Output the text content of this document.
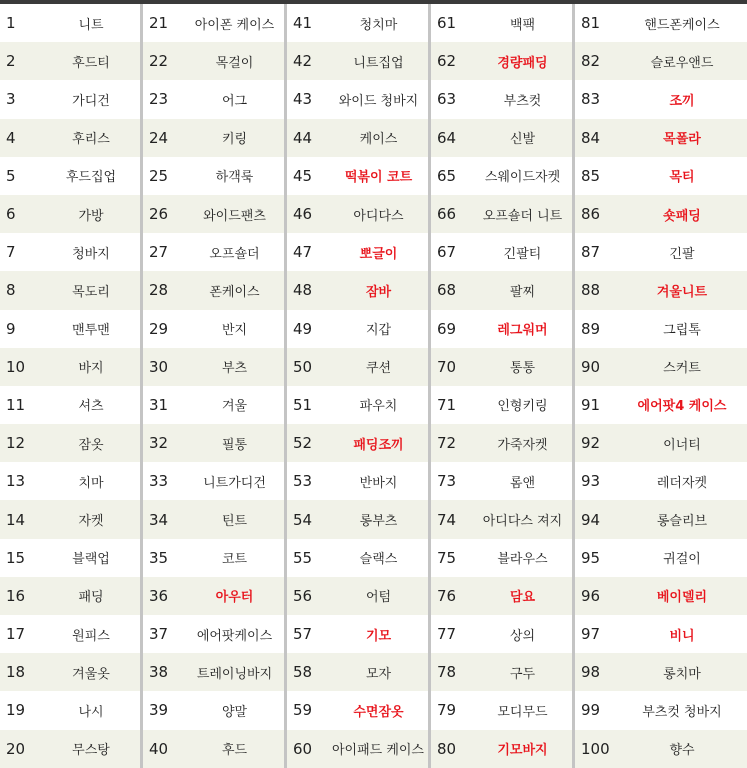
1	니트
2	후드티
3	가디건
4	후리스
5	후드집업
6	가방
7	청바지
8	목도리
9	맨투맨
10	바지
11	셔츠
12	잠옷
13	치마
14	자켓
15	블랙업
16	패딩
17	원피스
18	겨울옷
19	나시
20	무스탕
21	아이폰 케이스
22	목걸이
23	어그
24	키링
25	하객룩
26	와이드팬츠
27	오프숄더
28	폰케이스
29	반지
30	부츠
31	겨울
32	필통
33	니트가디건
34	틴트
35	코트
36	아우터
37	에어팟케이스
38	트레이닝바지
39	양말
40	후드
41	청치마
42	니트집업
43	와이드 청바지
44	케이스
45	떡볶이 코트
46	아디다스
47	뽀글이
48	잠바
49	지갑
50	쿠션
51	파우치
52	패딩조끼
53	반바지
54	롱부츠
55	슬랙스
56	어텀
57	기모
58	모자
59	수면잠옷
60	아이패드 케이스
61	백팩
62	경량패딩
63	부츠컷
64	신발
65	스웨이드자켓
66	오프숄더 니트
67	긴팔티
68	팔찌
69	레그워머
70	통통
71	인형키링
72	가죽자켓
73	롬앤
74	아디다스 져지
75	블라우스
76	담요
77	상의
78	구두
79	모디무드
80	기모바지
81	핸드폰케이스
82	슬로우앤드
83	조끼
84	목폴라
85	목티
86	숏패딩
87	긴팔
88	겨울니트
89	그립톡
90	스커트
91	에어팟4 케이스
92	이너티
93	레더자켓
94	롱슬리브
95	귀걸이
96	베이델리
97	비니
98	롱치마
99	부츠컷 청바지
100	향수
